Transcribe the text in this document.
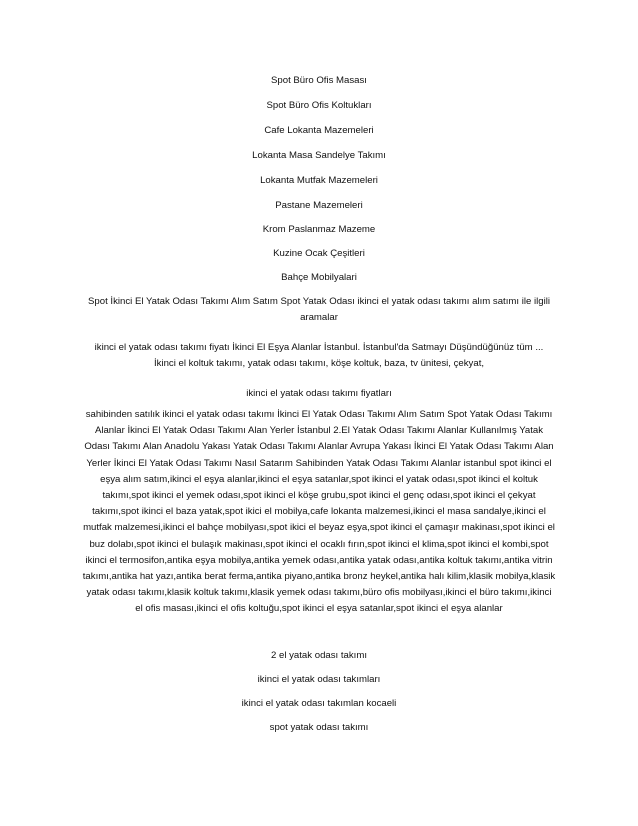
Spot Büro Ofis Masası
Spot Büro Ofis Koltukları
Cafe Lokanta Mazemeleri
Lokanta Masa Sandelye Takımı
Lokanta Mutfak Mazemeleri
Pastane Mazemeleri
Krom Paslanmaz Mazeme
Kuzine Ocak Çeşitleri
Bahçe Mobilyalari
Spot İkinci El Yatak Odası Takımı Alım Satım Spot Yatak Odası ikinci el yatak odası takımı alım satımı ile ilgili aramalar
ikinci el yatak odası takımı fiyatı İkinci El Eşya Alanlar İstanbul. İstanbul'da Satmayı Düşündüğünüz tüm ... İkinci el koltuk takımı, yatak odası takımı, köşe koltuk, baza, tv ünitesi, çekyat,
ikinci el yatak odası takımı fiyatları
sahibinden satılık ikinci el yatak odası takımı İkinci El Yatak Odası Takımı Alım Satım Spot Yatak Odası Takımı Alanlar İkinci El Yatak Odası Takımı Alan Yerler İstanbul 2.El Yatak Odası Takımı Alanlar Kullanılmış Yatak Odası Takımı Alan Anadolu Yakası Yatak Odası Takımı Alanlar Avrupa Yakası İkinci El Yatak Odası Takımı Alan Yerler İkinci El Yatak Odası Takımı Nasıl Satarım Sahibinden Yatak Odası Takımı Alanlar istanbul spot ikinci el eşya alım satım,ikinci el eşya alanlar,ikinci el eşya satanlar,spot ikinci el yatak odası,spot ikinci el koltuk takımı,spot ikinci el yemek odası,spot ikinci el köşe grubu,spot ikinci el genç odası,spot ikinci el çekyat takımı,spot ikinci el baza yatak,spot ikici el mobilya,cafe lokanta malzemesi,ikinci el masa sandalye,ikinci el mutfak malzemesi,ikinci el bahçe mobilyası,spot ikici el beyaz eşya,spot ikinci el çamaşır makinası,spot ikinci el buz dolabı,spot ikinci el bulaşık makinası,spot ikinci el ocaklı fırın,spot ikinci el klima,spot ikinci el kombi,spot ikinci el termosifon,antika eşya mobilya,antika yemek odası,antika yatak odası,antika koltuk takımı,antika vitrin takımı,antika hat yazı,antika berat ferma,antika piyano,antika bronz heykel,antika halı kilim,klasik mobilya,klasik yatak odası takımı,klasik koltuk takımı,klasik yemek odası takımı,büro ofis mobilyası,ikinci el büro takımı,ikinci el ofis masası,ikinci el ofis koltuğu,spot ikinci el eşya satanlar,spot ikinci el eşya alanlar
2 el yatak odası takımı
ikinci el yatak odası takımları
ikinci el yatak odası takımlan kocaeli
spot yatak odası takımı
